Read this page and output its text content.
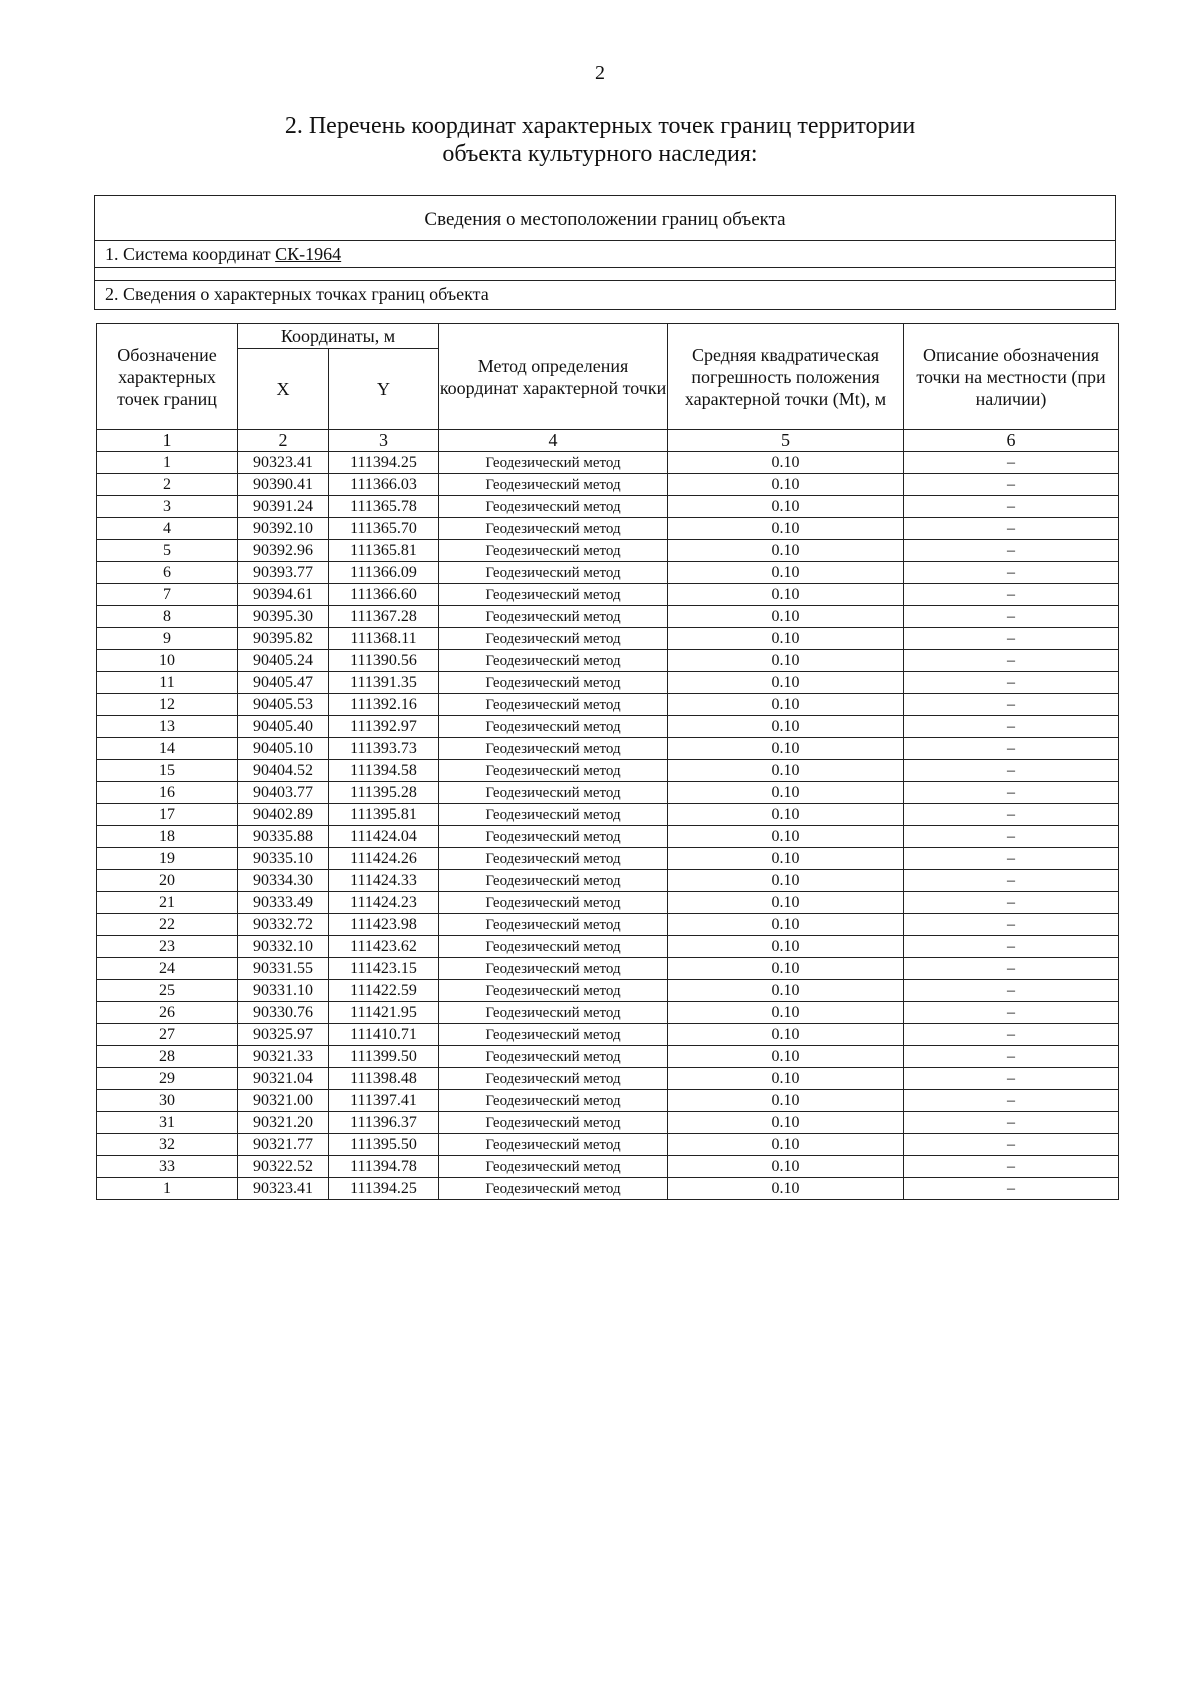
2
2. Перечень координат характерных точек границ территории
объекта культурного наследия:
Сведения о местоположении границ объекта
1. Система координат СК-1964
2. Сведения о характерных точках границ объекта
Обозначение характерных точек границ	Координаты, м		Метод определения координат характерной точки	Средняя квадратическая погрешность положения характерной точки (Mt), м	Описание обозначения точки на местности (при наличии)
	X	Y			
1	2	3	4	5	6
1	90323.41	111394.25	Геодезический метод	0.10	–
2	90390.41	111366.03	Геодезический метод	0.10	–
3	90391.24	111365.78	Геодезический метод	0.10	–
4	90392.10	111365.70	Геодезический метод	0.10	–
5	90392.96	111365.81	Геодезический метод	0.10	–
6	90393.77	111366.09	Геодезический метод	0.10	–
7	90394.61	111366.60	Геодезический метод	0.10	–
8	90395.30	111367.28	Геодезический метод	0.10	–
9	90395.82	111368.11	Геодезический метод	0.10	–
10	90405.24	111390.56	Геодезический метод	0.10	–
11	90405.47	111391.35	Геодезический метод	0.10	–
12	90405.53	111392.16	Геодезический метод	0.10	–
13	90405.40	111392.97	Геодезический метод	0.10	–
14	90405.10	111393.73	Геодезический метод	0.10	–
15	90404.52	111394.58	Геодезический метод	0.10	–
16	90403.77	111395.28	Геодезический метод	0.10	–
17	90402.89	111395.81	Геодезический метод	0.10	–
18	90335.88	111424.04	Геодезический метод	0.10	–
19	90335.10	111424.26	Геодезический метод	0.10	–
20	90334.30	111424.33	Геодезический метод	0.10	–
21	90333.49	111424.23	Геодезический метод	0.10	–
22	90332.72	111423.98	Геодезический метод	0.10	–
23	90332.10	111423.62	Геодезический метод	0.10	–
24	90331.55	111423.15	Геодезический метод	0.10	–
25	90331.10	111422.59	Геодезический метод	0.10	–
26	90330.76	111421.95	Геодезический метод	0.10	–
27	90325.97	111410.71	Геодезический метод	0.10	–
28	90321.33	111399.50	Геодезический метод	0.10	–
29	90321.04	111398.48	Геодезический метод	0.10	–
30	90321.00	111397.41	Геодезический метод	0.10	–
31	90321.20	111396.37	Геодезический метод	0.10	–
32	90321.77	111395.50	Геодезический метод	0.10	–
33	90322.52	111394.78	Геодезический метод	0.10	–
1	90323.41	111394.25	Геодезический метод	0.10	–
